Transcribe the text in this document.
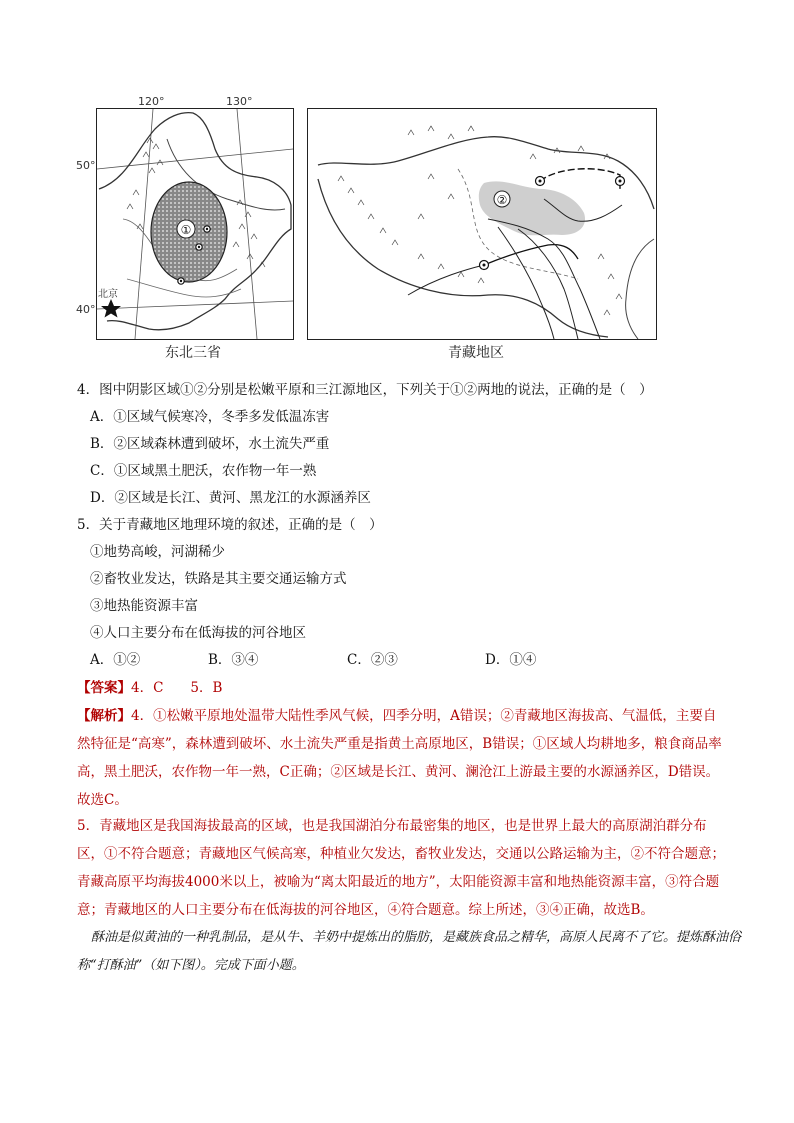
120°	130°
50°
40°
①
北京
东北三省
②
青藏地区
4．图中阴影区域①②分别是松嫩平原和三江源地区，下列关于①②两地的说法，正确的是（　）
A．①区域气候寒冷，冬季多发低温冻害
B．②区域森林遭到破坏，水土流失严重
C．①区域黑土肥沃，农作物一年一熟
D．②区域是长江、黄河、黑龙江的水源涵养区
5．关于青藏地区地理环境的叙述，正确的是（　）
①地势高峻，河湖稀少
②畜牧业发达，铁路是其主要交通运输方式
③地热能资源丰富
④人口主要分布在低海拔的河谷地区
A．①②	B．③④	C．②③	D．①④
【答案】4．C　　5．B
【解析】4．①松嫩平原地处温带大陆性季风气候，四季分明，A错误；②青藏地区海拔高、气温低，主要自然特征是“高寒”，森林遭到破坏、水土流失严重是指黄土高原地区，B错误；①区域人均耕地多，粮食商品率高，黑土肥沃，农作物一年一熟，C正确；②区域是长江、黄河、澜沧江上游最主要的水源涵养区，D错误。故选C。
5．青藏地区是我国海拔最高的区域，也是我国湖泊分布最密集的地区，也是世界上最大的高原湖泊群分布区，①不符合题意；青藏地区气候高寒，种植业欠发达，畜牧业发达，交通以公路运输为主，②不符合题意；青藏高原平均海拔4000米以上，被喻为“离太阳最近的地方”，太阳能资源丰富和地热能资源丰富，③符合题意；青藏地区的人口主要分布在低海拔的河谷地区，④符合题意。综上所述，③④正确，故选B。
酥油是似黄油的一种乳制品，是从牛、羊奶中提炼出的脂肪，是藏族食品之精华，高原人民离不了它。提炼酥油俗称“打酥油”（如下图）。完成下面小题。
